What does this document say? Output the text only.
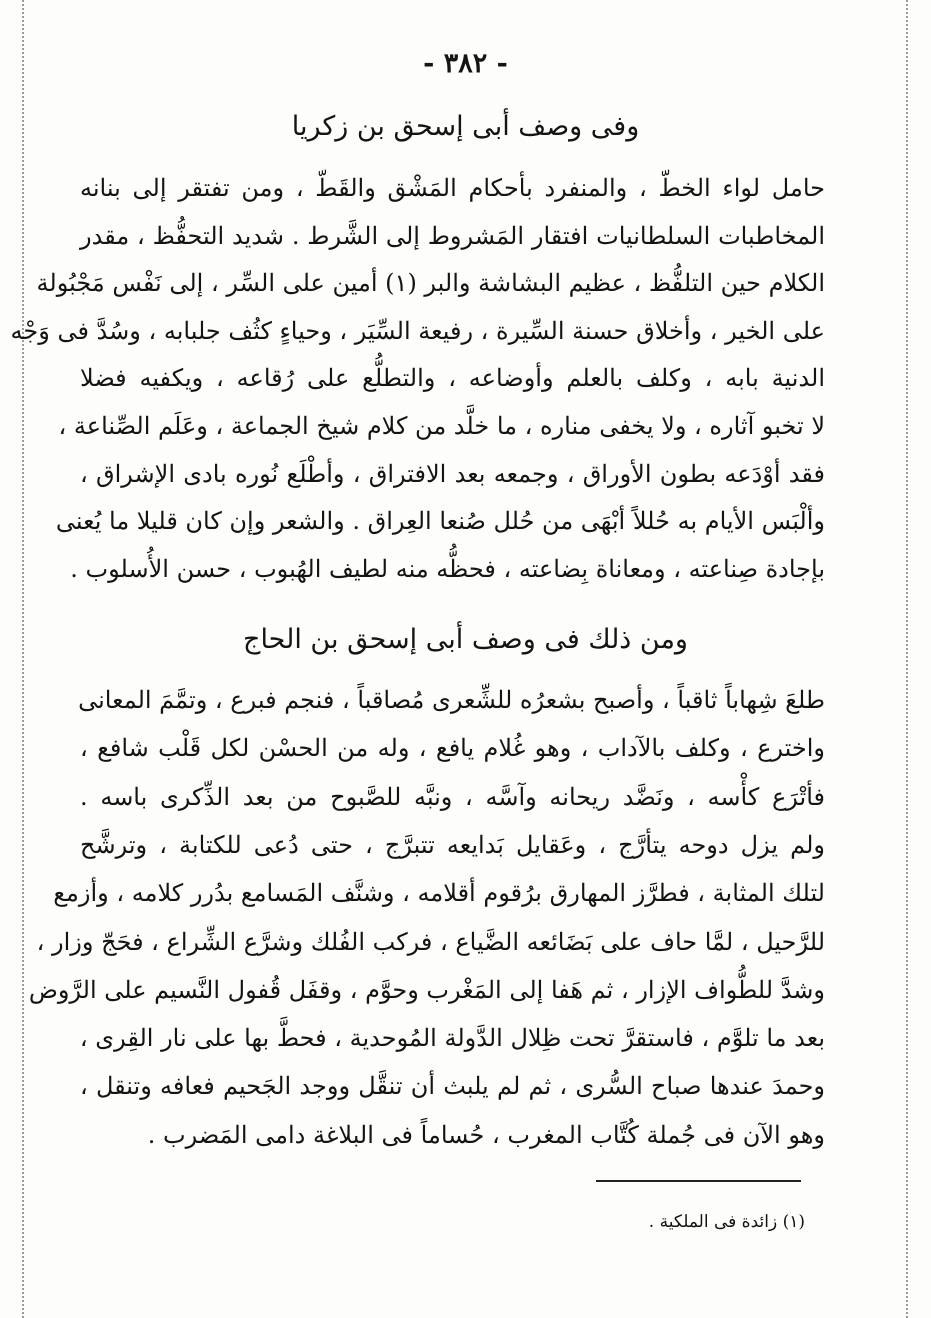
- ٣٨٢ -
وفى وصف أبى إسحق بن زكريا
حامل لواء الخطّ ، والمنفرد بأحكام المَشْق والقَطّ ، ومن تفتقر إلى بنانه
المخاطبات السلطانيات افتقار المَشروط إلى الشَّرط . شديد التحفُّظ ، مقدر
الكلام حين التلفُّظ ، عظيم البشاشة والبر (١) أمين على السِّر ، إلى نَفْس مَجْبُولة
على الخير ، وأخلاق حسنة السِّيرة ، رفيعة السِّيَر ، وحياءٍ كثُف جلبابه ، وسُدَّ فى وَجْه
الدنية بابه ، وكلف بالعلم وأوضاعه ، والتطلُّع على رُقاعه ، ويكفيه فضلا
لا تخبو آثاره ، ولا يخفى مناره ، ما خلَّد من كلام شيخ الجماعة ، وعَلَم الصِّناعة ،
فقد أوْدَعه بطون الأوراق ، وجمعه بعد الافتراق ، وأطْلَع نُوره بادى الإشراق ،
وألْبَس الأيام به حُللاً أبْهَى من حُلل صُنعا العِراق . والشعر وإن كان قليلا ما يُعنى
بإجادة صِناعته ، ومعاناة بِضاعته ، فحظُّه منه لطيف الهُبوب ، حسن الأُسلوب .
ومن ذلك فى وصف أبى إسحق بن الحاج
طلعَ شِهاباً ثاقباً ، وأصبح بشعرُه للشِّعرى مُصاقباً ، فنجم فبرع ، وتمَّمَ المعانى
واخترع ، وكلف بالآداب ، وهو غُلام يافع ، وله من الحسْن لكل قَلْب شافع ،
فأتْرَع كأْسه ، ونَضَّد ريحانه وآسَّه ، ونبَّه للصَّبوح من بعد الذِّكرى باسه .
ولم يزل دوحه يتأرَّج ، وعَقايل بَدايعه تتبرَّج ، حتى دُعى للكتابة ، وترشَّح
لتلك المثابة ، فطرَّز المهارق برُقوم أقلامه ، وشنَّف المَسامع بدُرر كلامه ، وأزمع
للرَّحيل ، لمَّا حاف على بَضَائعه الضَّياع ، فركب الفُلك وشرَّع الشِّراع ، فحَجّ وزار ،
وشدَّ للطُّواف الإزار ، ثم هَفا إلى المَغْرب وحوَّم ، وقفَل قُفول النَّسيم على الرَّوض
بعد ما تلوَّم ، فاستقرَّ تحت ظِلال الدَّولة المُوحدية ، فحطَّ بها على نار القِرى ،
وحمدَ عندها صباح السُّرى ، ثم لم يلبث أن تنقَّل ووجد الجَحيم فعافه وتنقل ،
وهو الآن فى جُملة كُتَّاب المغرب ، حُساماً فى البلاغة دامى المَضرب .
(١) زائدة فى الملكية .
